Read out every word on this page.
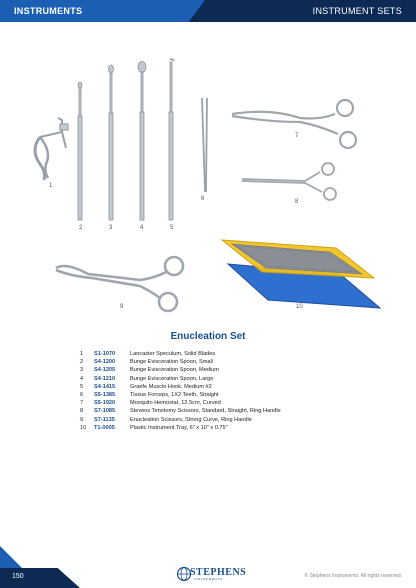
INSTRUMENTS	INSTRUMENT SETS
1
2	3	4	5
6
7
8
9	10
Enucleation Set
1	S1-1070	Lancaster Speculum, Solid Blades
2	S4-1200	Bunge Evisceration Spoon, Small
3	S4-1205	Bunge Evisceration Spoon, Medium
4	S4-1210	Bunge Evisceration Spoon, Large
5	S4-1415	Graefe Muscle Hook, Medium #2
6	S5-1385	Tissue Forceps, 1X2 Teeth, Straight
7	S5-1920	Mosquito Hemostat, 12.5cm, Curved
8	S7-1085	Stevens Tenotomy Scissors, Standard, Straight, Ring Handle
9	S7-1135	Enucleation Scissors, Strong Curve, Ring Handle
10	T1-0005	Plastic Instrument Tray, 6" x 10" x 0.75"
150	STEPHENS
INSTRUMENTS	© Stephens Instruments. All rights reserved.
